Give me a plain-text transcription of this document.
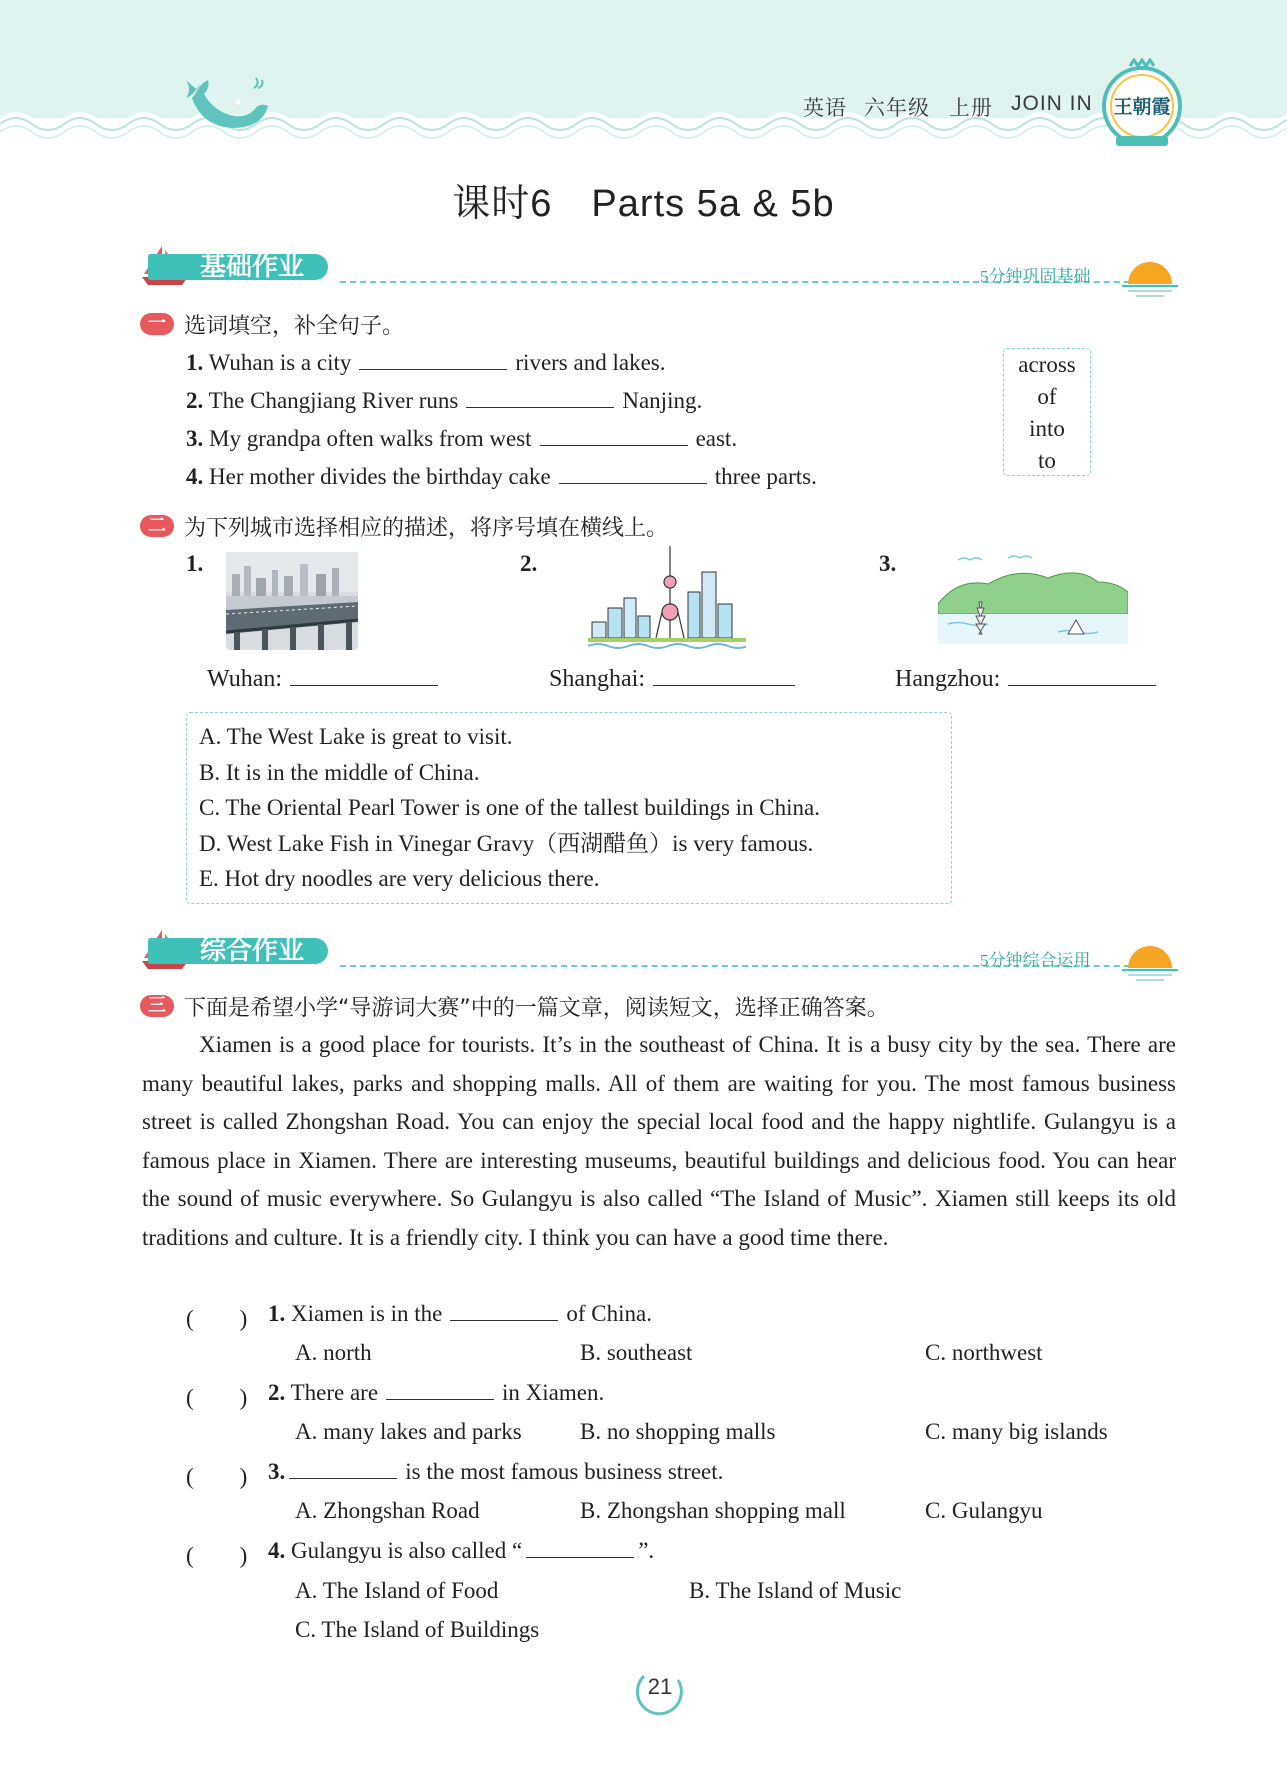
英语 六年级 上册 JOIN IN 王朝霞
课时6　Parts 5a & 5b
基础作业	5分钟巩固基础
一 选词填空，补全句子。
1. Wuhan is a city	rivers and lakes.
2. The Changjiang River runs	Nanjing.
3. My grandpa often walks from west	east.
4. Her mother divides the birthday cake	three parts.
across
of
into
to
二 为下列城市选择相应的描述，将序号填在横线上。
1.	2.	3.
Wuhan:	Shanghai:	Hangzhou:
A. The West Lake is great to visit.
B. It is in the middle of China.
C. The Oriental Pearl Tower is one of the tallest buildings in China.
D. West Lake Fish in Vinegar Gravy（西湖醋鱼）is very famous.
E. Hot dry noodles are very delicious there.
综合作业	5分钟综合运用
三 下面是希望小学“导游词大赛”中的一篇文章，阅读短文，选择正确答案。

Xiamen is a good place for tourists. It’s in the southeast of China. It is a busy city by the sea. There are many beautiful lakes, parks and shopping malls. All of them are waiting for you. The most famous business street is called Zhongshan Road. You can enjoy the special local food and the happy nightlife. Gulangyu is a famous place in Xiamen. There are interesting museums, beautiful buildings and delicious food. You can hear the sound of music everywhere. So Gulangyu is also called “The Island of Music”. Xiamen still keeps its old traditions and culture. It is a friendly city. I think you can have a good time there.

(　　) 1. Xiamen is in the	of China.
A. north	B. southeast	C. northwest
(　　) 2. There are	in Xiamen.
A. many lakes and parks	B. no shopping malls	C. many big islands
(　　) 3.	is the most famous business street.
A. Zhongshan Road	B. Zhongshan shopping mall	C. Gulangyu
(　　) 4. Gulangyu is also called “	”.
A. The Island of Food	B. The Island of Music
C. The Island of Buildings
21
